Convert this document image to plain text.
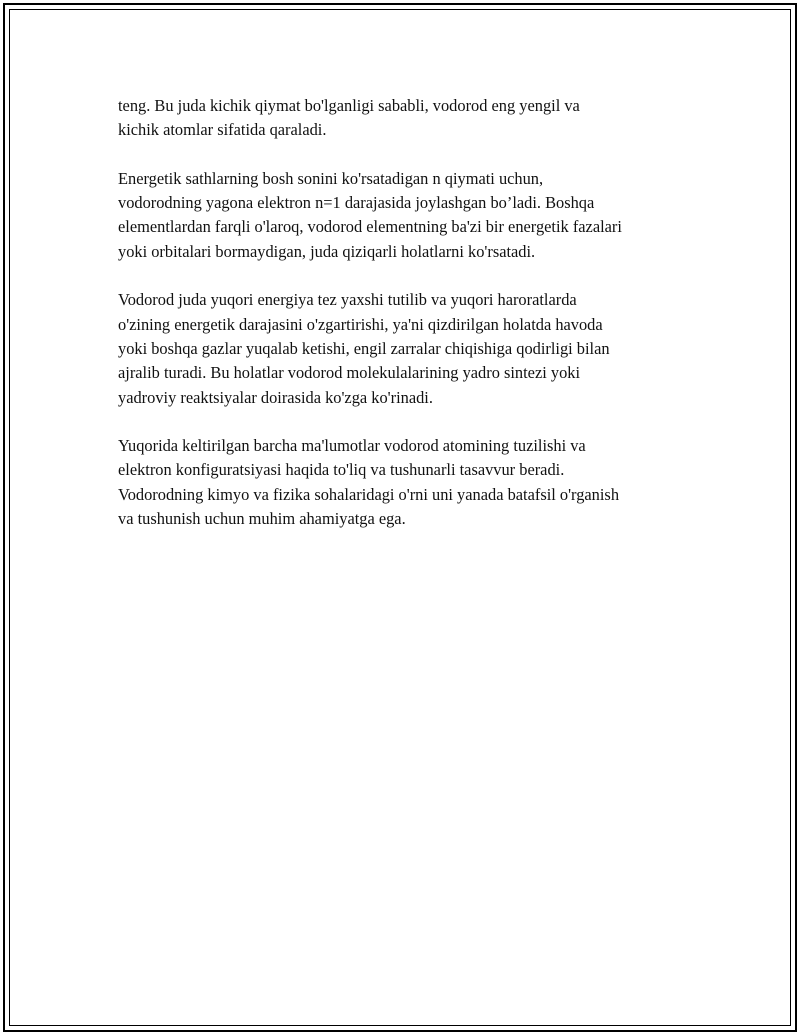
teng. Bu juda kichik qiymat bo'lganligi sababli, vodorod eng yengil va
kichik atomlar sifatida qaraladi.

Energetik sathlarning bosh sonini ko'rsatadigan n qiymati uchun,
vodorodning yagona elektron n=1 darajasida joylashgan bo’ladi. Boshqa
elementlardan farqli o'laroq, vodorod elementning ba'zi bir energetik fazalari
yoki orbitalari bormaydigan, juda qiziqarli holatlarni ko'rsatadi.

Vodorod juda yuqori energiya tez yaxshi tutilib va yuqori haroratlarda
o'zining energetik darajasini o'zgartirishi, ya'ni qizdirilgan holatda havoda
yoki boshqa gazlar yuqalab ketishi, engil zarralar chiqishiga qodirligi bilan
ajralib turadi. Bu holatlar vodorod molekulalarining yadro sintezi yoki
yadroviy reaktsiyalar doirasida ko'zga ko'rinadi.

Yuqorida keltirilgan barcha ma'lumotlar vodorod atomining tuzilishi va
elektron konfiguratsiyasi haqida to'liq va tushunarli tasavvur beradi.
Vodorodning kimyo va fizika sohalaridagi o'rni uni yanada batafsil o'rganish
va tushunish uchun muhim ahamiyatga ega.
